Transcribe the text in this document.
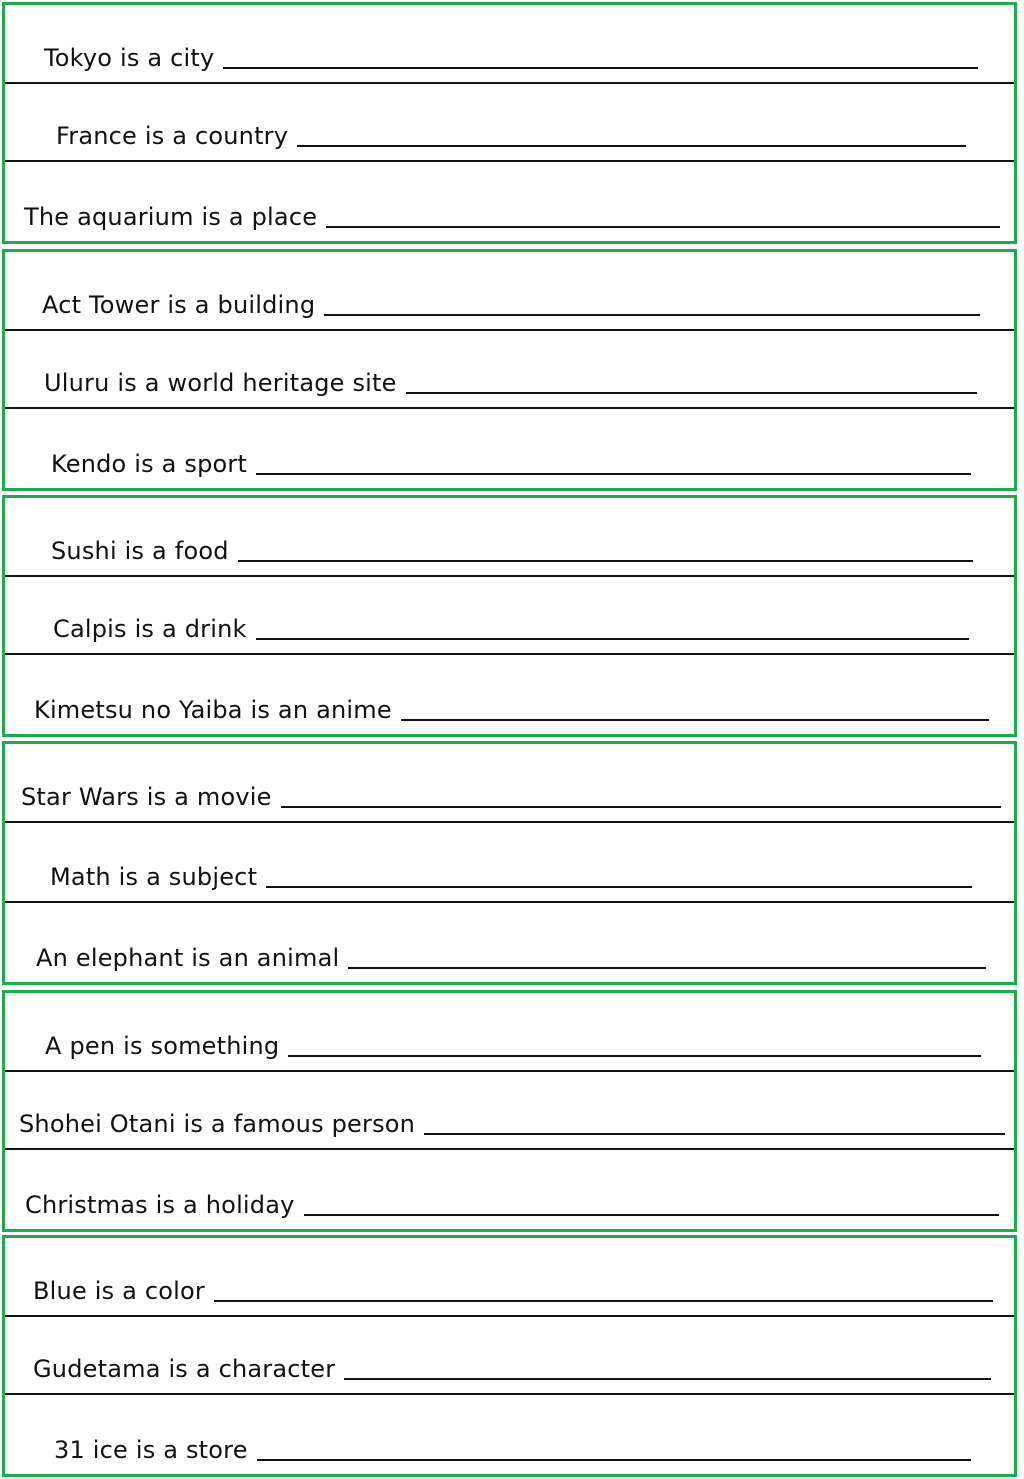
Tokyo is a city
France is a country
The aquarium is a place
Act Tower is a building
Uluru is a world heritage site
Kendo is a sport
Sushi is a food
Calpis is a drink
Kimetsu no Yaiba is an anime
Star Wars is a movie
Math is a subject
An elephant is an animal
A pen is something
Shohei Otani is a famous person
Christmas is a holiday
Blue is a color
Gudetama is a character
31 ice is a store
